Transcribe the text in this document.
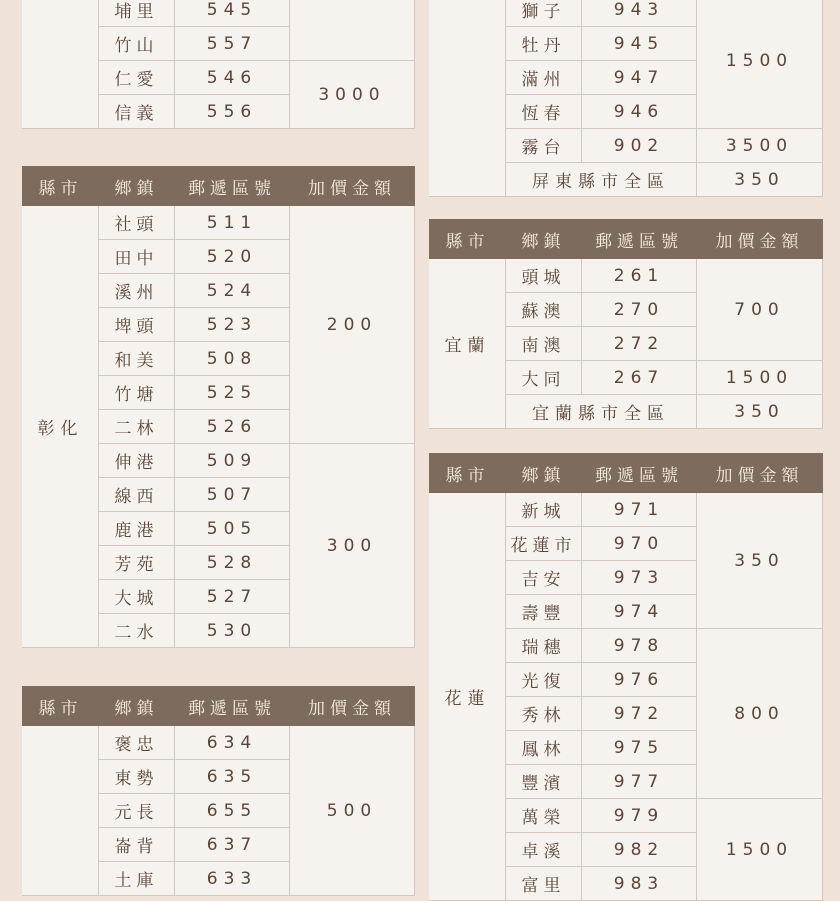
	埔里	545	
	竹山	557	
	仁愛	546	3000
	信義	556	
縣市	鄉鎮	郵遞區號	加價金額
彰化	社頭	511	200
	田中	520	
	溪州	524	
	埤頭	523	
	和美	508	
	竹塘	525	
	二林	526	
	伸港	509	300
	線西	507	
	鹿港	505	
	芳苑	528	
	大城	527	
	二水	530	
縣市	鄉鎮	郵遞區號	加價金額
	褒忠	634	500
	東勢	635	
	元長	655	
	崙背	637	
	土庫	633	
	獅子	943	1500
	牡丹	945	
	滿州	947	
	恆春	946	
	霧台	902	3500
	屏東縣市全區		350
縣市	鄉鎮	郵遞區號	加價金額
宜蘭	頭城	261	700
	蘇澳	270	
	南澳	272	
	大同	267	1500
	宜蘭縣市全區		350
縣市	鄉鎮	郵遞區號	加價金額
花蓮	新城	971	350
	花蓮市	970	
	吉安	973	
	壽豐	974	
	瑞穗	978	800
	光復	976	
	秀林	972	
	鳳林	975	
	豐濱	977	
	萬榮	979	1500
	卓溪	982	
	富里	983	
